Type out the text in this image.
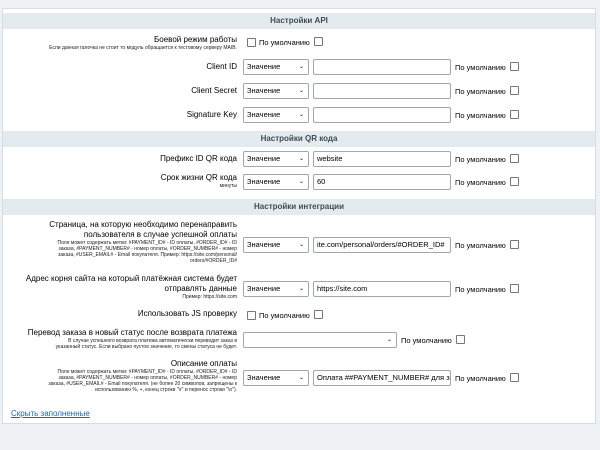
Настройки API
Боевой режим работы
Если данная галочка не стоит то модуль обращается к тестовому серверу MAIB.
По умолчанию
Client ID	Значение	⌄	По умолчанию
Client Secret	Значение	⌄	По умолчанию
Signature Key	Значение	⌄	По умолчанию
Настройки QR кода
Префикс ID QR кода	Значение	⌄	website	По умолчанию
Срок жизни QR кода
минуты	Значение	⌄	60	По умолчанию
Настройки интеграции
Страница, на которую необходимо перенаправить
пользователя в случае успешной оплаты
Поле может содержать метки: #PAYMENT_ID# - ID оплаты, #ORDER_ID# - ID
заказа, #PAYMENT_NUMBER# - номер оплаты, #ORDER_NUMBER# - номер
заказа, #USER_EMAIL# - Email покупателя. Пример: https://site.com/personal/
orders/#ORDER_ID#
Значение	⌄	ite.com/personal/orders/#ORDER_ID#	По умолчанию
Адрес корня сайта на который платёжная система будет
отправлять данные
Пример: https://site.com
Значение	⌄	https://site.com	По умолчанию
Использовать JS проверку	По умолчанию
Перевод заказа в новый статус после возврата платежа
В случае успешного возврата платежа автоматически переводит заказ в
указанный статус. Если выбрано пустое значение, то смены статуса не будет.
⌄ По умолчанию
Описание оплаты
Поле может содержать метки: #PAYMENT_ID# - ID оплаты, #ORDER_ID# - ID
заказа, #PAYMENT_NUMBER# - номер оплаты, #ORDER_NUMBER# - номер
заказа, #USER_EMAIL# - Email покупателя. (не более 20 символов, запрещены к
использованию %, +, конец строки "\r" и перенос строки "\n").
Значение	⌄	Оплата ##PAYMENT_NUMBER# для з По умолчанию
Скрыть заполненные
